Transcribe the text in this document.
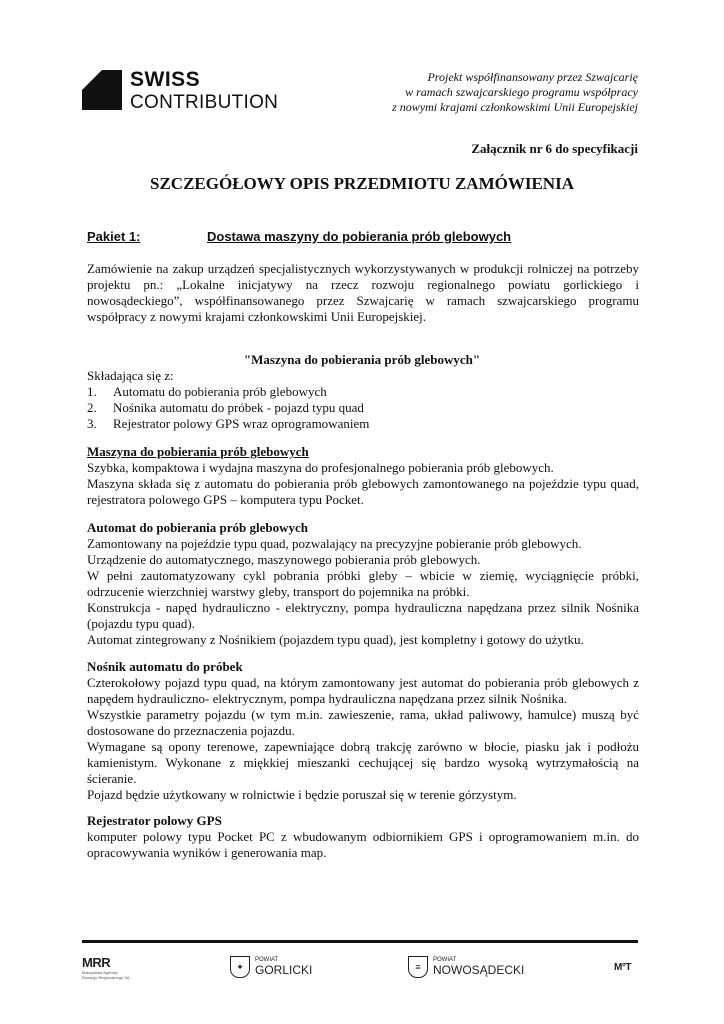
SWISS
CONTRIBUTION
Projekt współfinansowany przez Szwajcarię
w ramach szwajcarskiego programu współpracy
z nowymi krajami członkowskimi Unii Europejskiej
Załącznik nr 6 do specyfikacji
SZCZEGÓŁOWY OPIS PRZEDMIOTU ZAMÓWIENIA
Pakiet 1:	Dostawa maszyny do pobierania prób glebowych
Zamówienie na zakup urządzeń specjalistycznych wykorzystywanych w produkcji rolniczej na potrzeby projektu pn.: „Lokalne inicjatywy na rzecz rozwoju regionalnego powiatu gorlickiego i nowosądeckiego”, współfinansowanego przez Szwajcarię w ramach szwajcarskiego programu współpracy z nowymi krajami członkowskimi Unii Europejskiej.
"Maszyna do pobierania prób glebowych"
Składająca się z:
1.	Automatu do pobierania prób glebowych
2.	Nośnika automatu do próbek - pojazd typu quad
3.	Rejestrator polowy GPS wraz oprogramowaniem

Maszyna do pobierania prób glebowych

Szybka, kompaktowa i wydajna maszyna do profesjonalnego pobierania prób glebowych.

Maszyna składa się z automatu do pobierania prób glebowych zamontowanego na pojeździe typu quad, rejestratora polowego GPS – komputera typu Pocket.

Automat do pobierania prób glebowych

Zamontowany na pojeździe typu quad, pozwalający na precyzyjne pobieranie prób glebowych.

Urządzenie do automatycznego, maszynowego pobierania prób glebowych.

W pełni zautomatyzowany cykl pobrania próbki gleby – wbicie w ziemię, wyciągnięcie próbki, odrzucenie wierzchniej warstwy gleby, transport do pojemnika na próbki.

Konstrukcja - napęd hydrauliczno - elektryczny, pompa hydrauliczna napędzana przez silnik Nośnika (pojazdu typu quad).

Automat zintegrowany z Nośnikiem (pojazdem typu quad), jest kompletny i gotowy do użytku.

Nośnik automatu do próbek

Czterokołowy pojazd typu quad, na którym zamontowany jest automat do pobierania prób glebowych z napędem hydrauliczno- elektrycznym, pompa hydrauliczna napędzana przez silnik Nośnika.

Wszystkie parametry pojazdu (w tym m.in. zawieszenie, rama, układ paliwowy, hamulce) muszą być dostosowane do przeznaczenia pojazdu.

Wymagane są opony terenowe, zapewniające dobrą trakcję zarówno w błocie, piasku jak i podłożu kamienistym. Wykonane z miękkiej mieszanki cechującej się bardzo wysoką wytrzymałością na ścieranie.

Pojazd będzie użytkowany w rolnictwie i będzie poruszał się w terenie górzystym.

Rejestrator polowy GPS

komputer polowy typu Pocket PC z wbudowanym odbiornikiem GPS i oprogramowaniem m.in. do opracowywania wyników i generowania map.

MRR
Małopolska Agencja Rozwoju Regionalnego SA
✦
POWIAT
GORLICKI	≡
POWIAT
NOWOSĄDECKI	M°T
